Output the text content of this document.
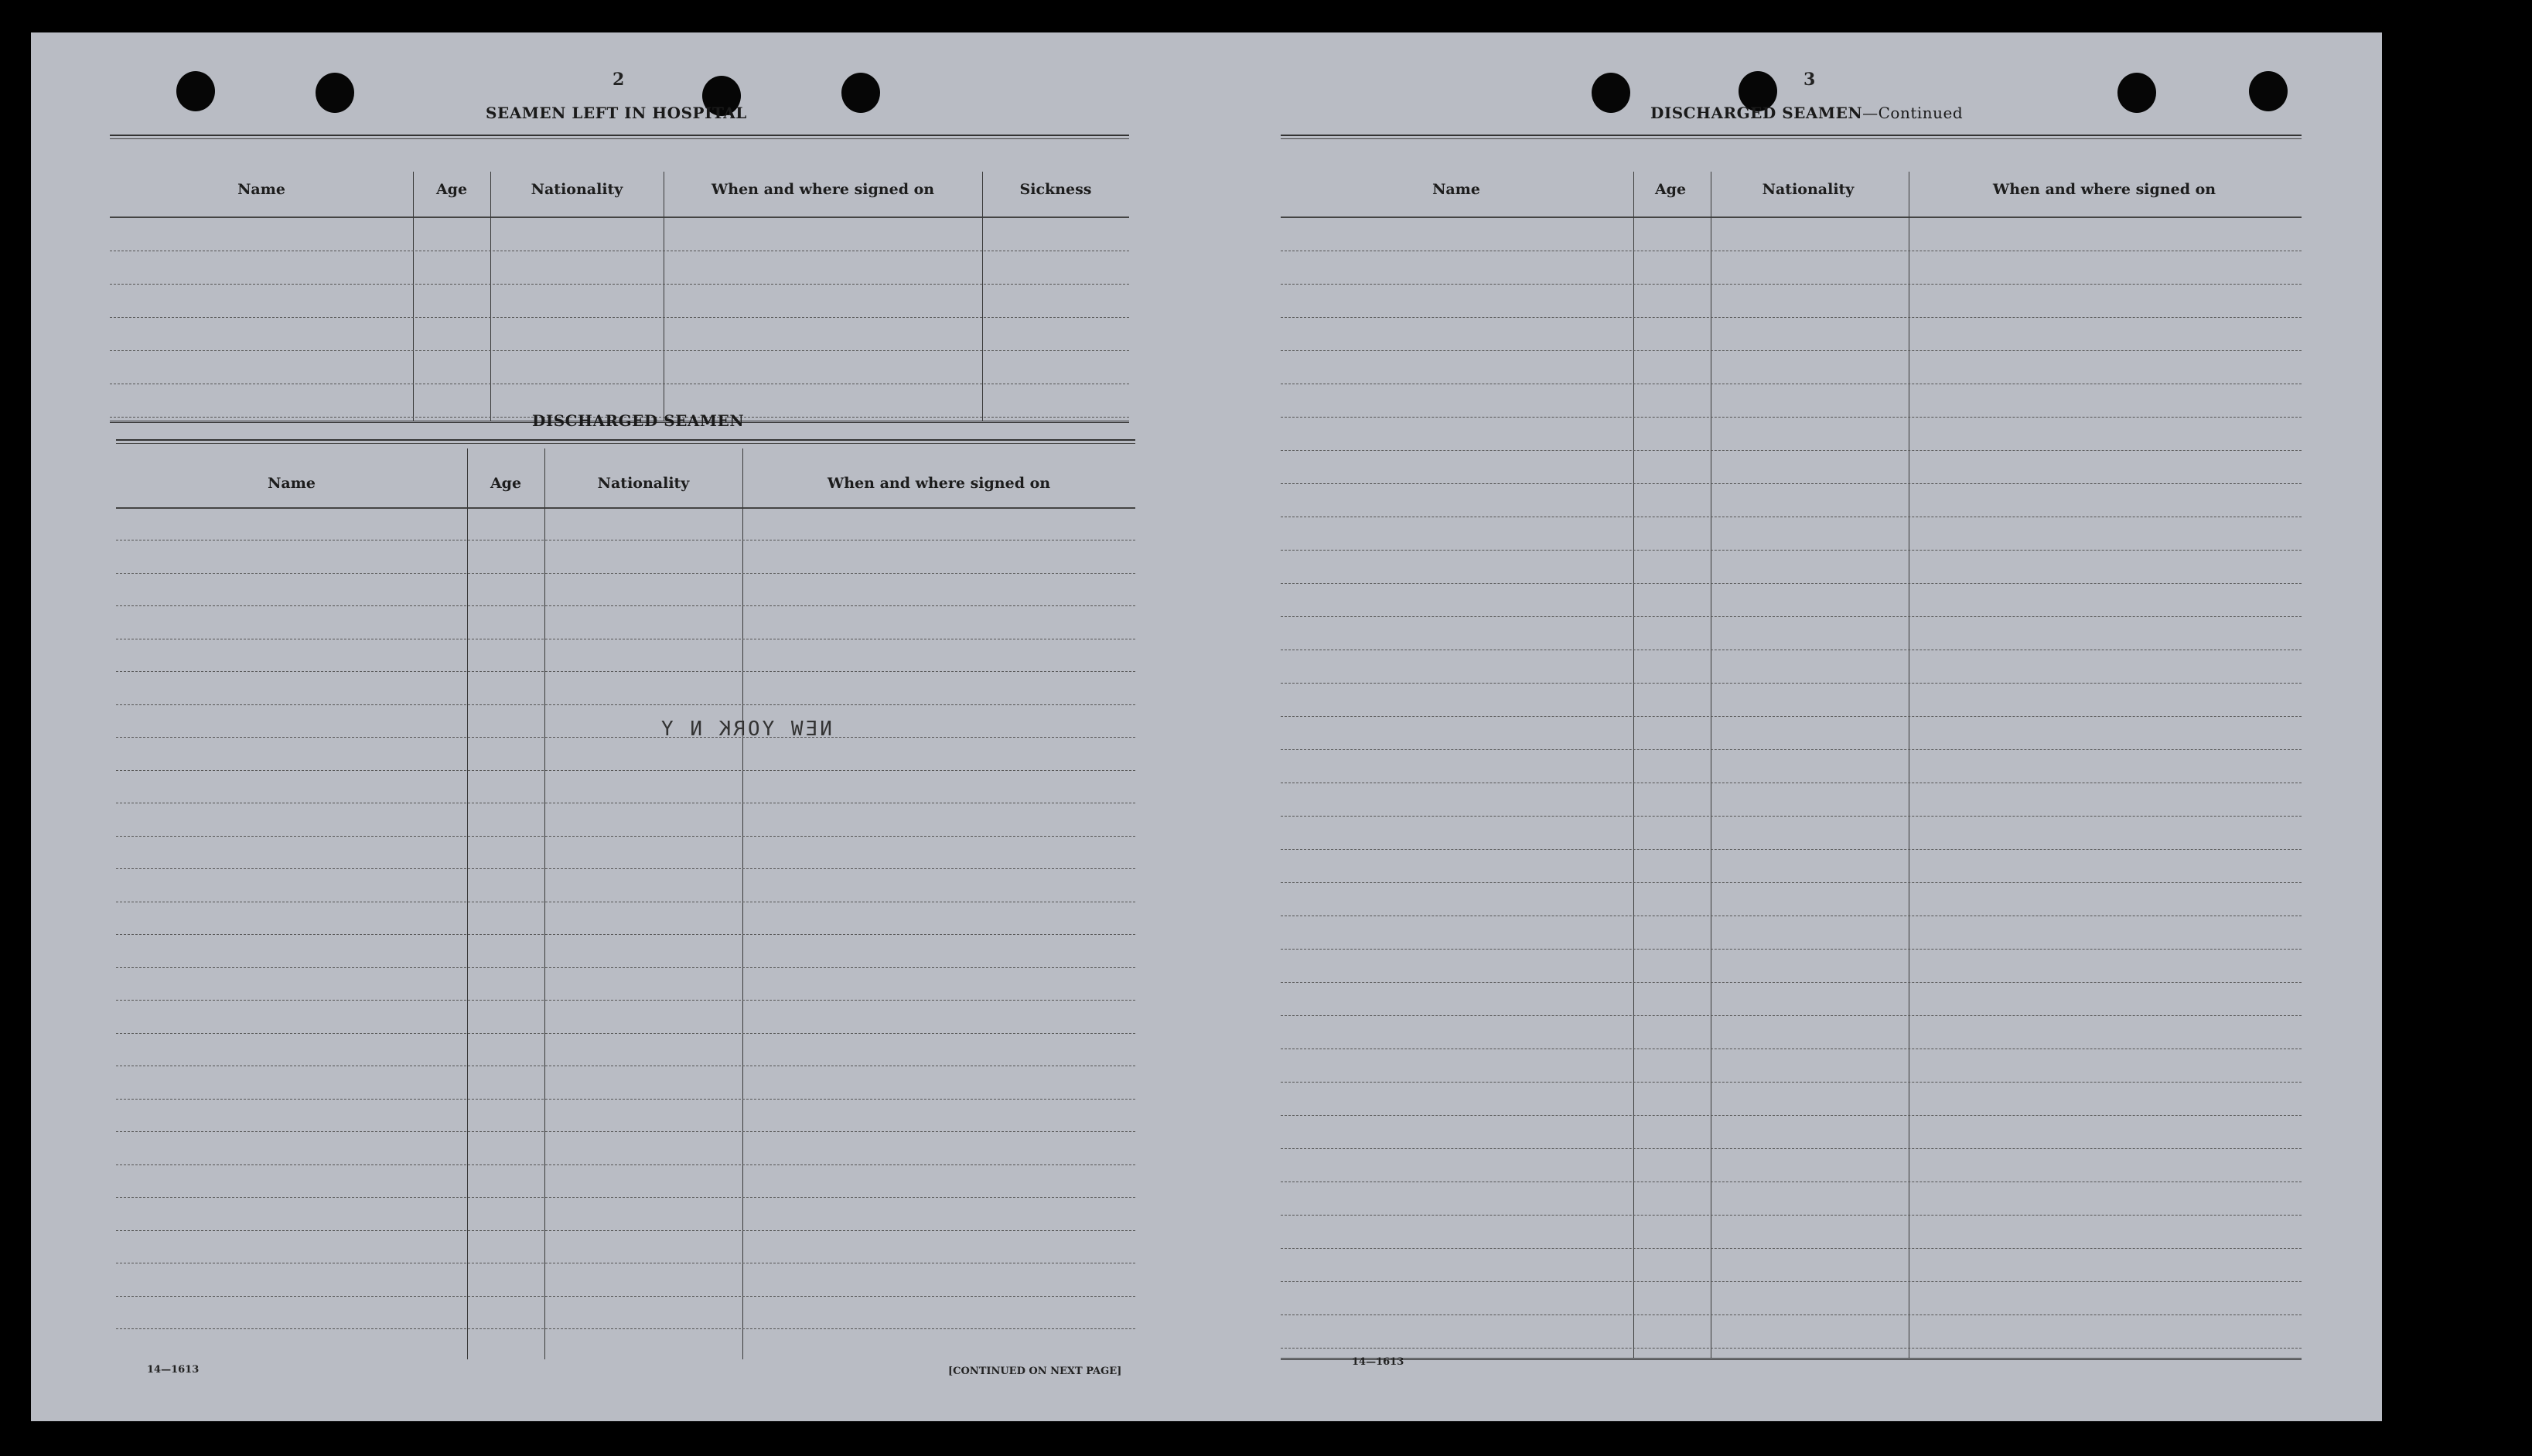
2
SEAMEN LEFT IN HOSPITAL
Name	Age	Nationality	When and where signed on	Sickness
DISCHARGED SEAMEN
Name	Age	Nationality	When and where signed on
NEW YORK N Y
14—1613	[CONTINUED ON NEXT PAGE]
3
DISCHARGED SEAMEN—Continued
Name	Age	Nationality	When and where signed on
14—1613
